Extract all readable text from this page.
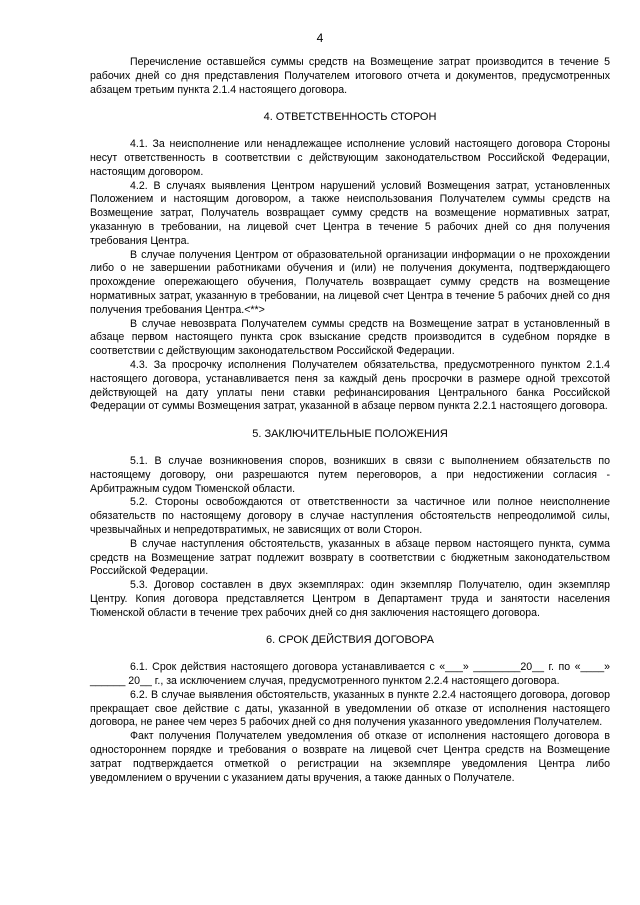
4

Перечисление оставшейся суммы средств на Возмещение затрат производится в течение 5 рабочих дней со дня представления Получателем итогового отчета и документов, предусмотренных абзацем третьим пункта 2.1.4 настоящего договора.

4. ОТВЕТСТВЕННОСТЬ СТОРОН

4.1. За неисполнение или ненадлежащее исполнение условий настоящего договора Стороны несут ответственность в соответствии с действующим законодательством Российской Федерации, настоящим договором.

4.2. В случаях выявления Центром нарушений условий Возмещения затрат, установленных Положением и настоящим договором, а также неиспользования Получателем суммы средств на Возмещение затрат, Получатель возвращает сумму средств на возмещение нормативных затрат, указанную в требовании, на лицевой счет Центра в течение 5 рабочих дней со дня получения требования Центра.

В случае получения Центром от образовательной организации информации о не прохождении либо о не завершении работниками обучения и (или) не получения документа, подтверждающего прохождение опережающего обучения, Получатель возвращает сумму средств на возмещение нормативных затрат, указанную в требовании, на лицевой счет Центра в течение 5 рабочих дней со дня получения требования Центра.<**>

В случае невозврата Получателем суммы средств на Возмещение затрат в установленный в абзаце первом настоящего пункта срок взыскание средств производится в судебном порядке в соответствии с действующим законодательством Российской Федерации.

4.3. За просрочку исполнения Получателем обязательства, предусмотренного пунктом 2.1.4 настоящего договора, устанавливается пеня за каждый день просрочки в размере одной трехсотой действующей на дату уплаты пени ставки рефинансирования Центрального банка Российской Федерации от суммы Возмещения затрат, указанной в абзаце первом пункта 2.2.1 настоящего договора.

5. ЗАКЛЮЧИТЕЛЬНЫЕ ПОЛОЖЕНИЯ

5.1. В случае возникновения споров, возникших в связи с выполнением обязательств по настоящему договору, они разрешаются путем переговоров, а при недостижении согласия - Арбитражным судом Тюменской области.

5.2. Стороны освобождаются от ответственности за частичное или полное неисполнение обязательств по настоящему договору в случае наступления обстоятельств непреодолимой силы, чрезвычайных и непредотвратимых, не зависящих от воли Сторон.

В случае наступления обстоятельств, указанных в абзаце первом настоящего пункта, сумма средств на Возмещение затрат подлежит возврату в соответствии с бюджетным законодательством Российской Федерации.

5.3. Договор составлен в двух экземплярах: один экземпляр Получателю, один экземпляр Центру. Копия договора представляется Центром в Департамент труда и занятости населения Тюменской области в течение трех рабочих дней со дня заключения настоящего договора.

6. СРОК ДЕЙСТВИЯ ДОГОВОРА

6.1. Срок действия настоящего договора устанавливается с «___» ________20__ г. по «____» ______ 20__ г., за исключением случая, предусмотренного пунктом 2.2.4 настоящего договора.

6.2. В случае выявления обстоятельств, указанных в пункте 2.2.4 настоящего договора, договор прекращает свое действие с даты, указанной в уведомлении об отказе от исполнения настоящего договора, не ранее чем через 5 рабочих дней со дня получения указанного уведомления Получателем.

Факт получения Получателем уведомления об отказе от исполнения настоящего договора в одностороннем порядке и требования о возврате на лицевой счет Центра средств на Возмещение затрат подтверждается отметкой о регистрации на экземпляре уведомления Центра либо уведомлением о вручении с указанием даты вручения, а также данных о Получателе.
